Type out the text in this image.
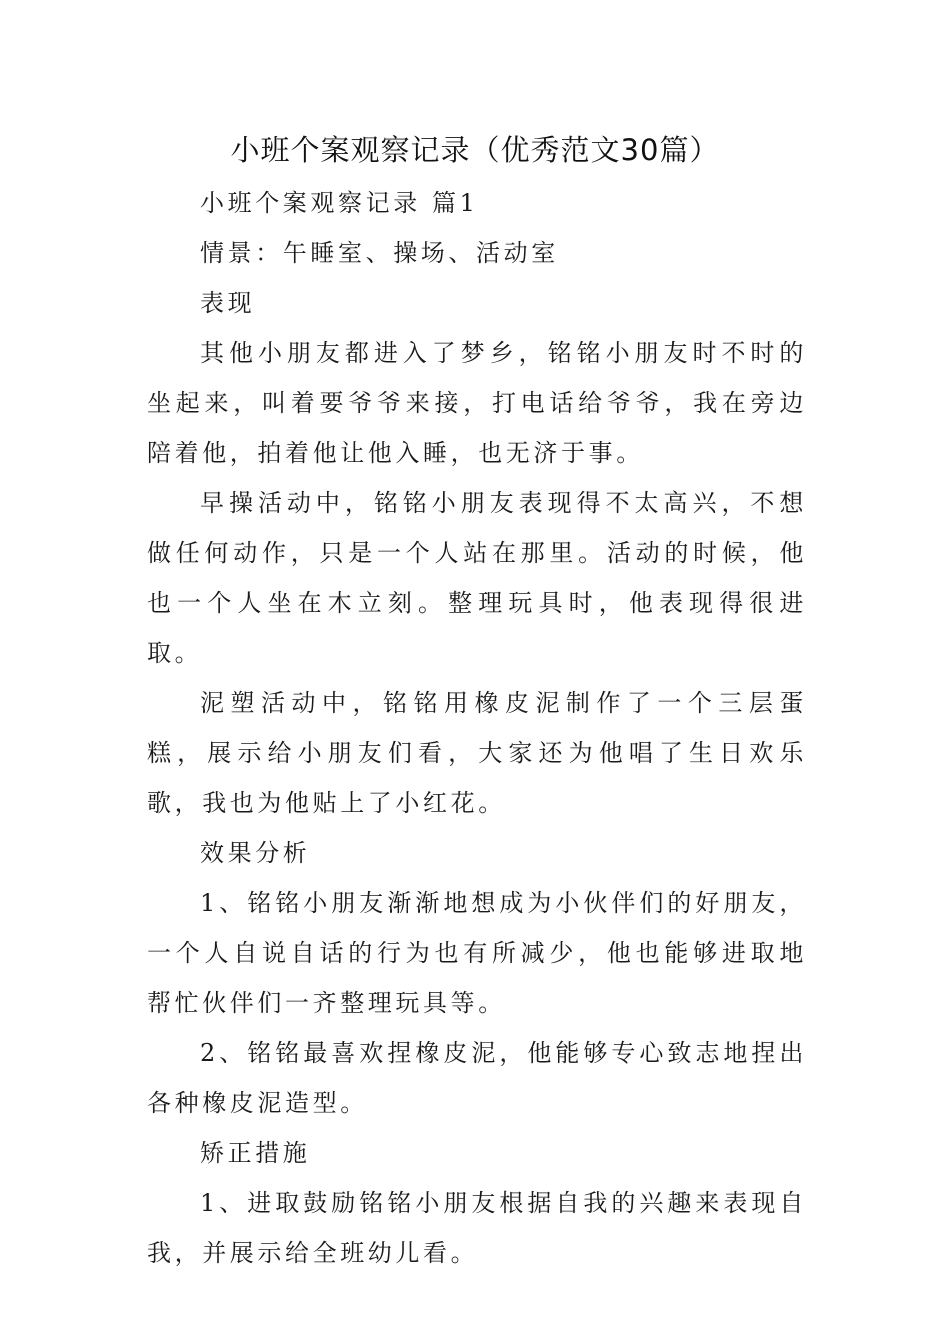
小班个案观察记录（优秀范文30篇）

小班个案观察记录 篇1

情景：午睡室、操场、活动室

表现

其他小朋友都进入了梦乡，铭铭小朋友时不时的坐起来，叫着要爷爷来接，打电话给爷爷，我在旁边陪着他，拍着他让他入睡，也无济于事。

早操活动中，铭铭小朋友表现得不太高兴，不想做任何动作，只是一个人站在那里。活动的时候，他也一个人坐在木立刻。整理玩具时，他表现得很进取。

泥塑活动中，铭铭用橡皮泥制作了一个三层蛋糕，展示给小朋友们看，大家还为他唱了生日欢乐歌，我也为他贴上了小红花。

效果分析

1、铭铭小朋友渐渐地想成为小伙伴们的好朋友，一个人自说自话的行为也有所减少，他也能够进取地帮忙伙伴们一齐整理玩具等。

2、铭铭最喜欢捏橡皮泥，他能够专心致志地捏出各种橡皮泥造型。

矫正措施

1、进取鼓励铭铭小朋友根据自我的兴趣来表现自我，并展示给全班幼儿看。
